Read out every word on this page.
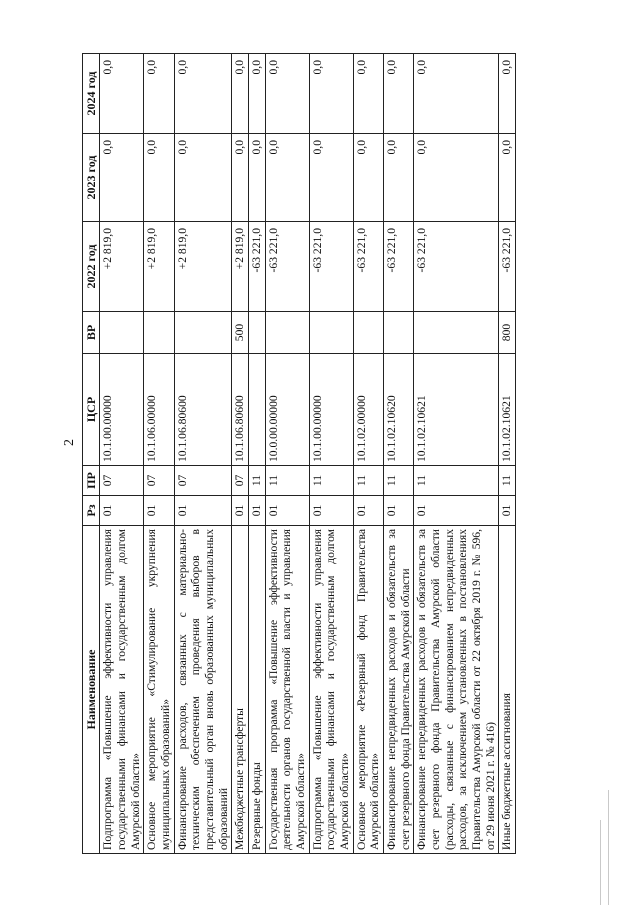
2
Наименование	Рз	ПР	ЦСР	ВР	2022 год	2023 год	2024 год
Подпрограмма «Повышение эффективности управления государственными финансами и государственным долгом Амурской области»	01	07	10.1.00.00000		+2 819,0	0,0	0,0
Основное мероприятие «Стимулирование укрупнения муниципальных образований»	01	07	10.1.06.00000		+2 819,0	0,0	0,0
Финансирование расходов, связанных с материально-техническим обеспечением проведения выборов в представительный орган вновь образованных муниципальных образований	01	07	10.1.06.80600		+2 819,0	0,0	0,0
Межбюджетные трансферты	01	07	10.1.06.80600	500	+2 819,0	0,0	0,0
Резервные фонды	01	11			-63 221,0	0,0	0,0
Государственная программа «Повышение эффективности деятельности органов государственной власти и управления Амурской области»	01	11	10.0.00.00000		-63 221,0	0,0	0,0
Подпрограмма «Повышение эффективности управления государственными финансами и государственным долгом Амурской области»	01	11	10.1.00.00000		-63 221,0	0,0	0,0
Основное мероприятие «Резервный фонд Правительства Амурской области»	01	11	10.1.02.00000		-63 221,0	0,0	0,0
Финансирование непредвиденных расходов и обязательств за счет резервного фонда Правительства Амурской области	01	11	10.1.02.10620		-63 221,0	0,0	0,0
Финансирование непредвиденных расходов и обязательств за счет резервного фонда Правительства Амурской области (расходы, связанные с финансированием непредвиденных расходов, за исключением установленных в постановлениях Правительства Амурской области от 22 октября 2019 г. № 596, от 29 июня 2021 г. № 416)	01	11	10.1.02.10621		-63 221,0	0,0	0,0
Иные бюджетные ассигнования	01	11	10.1.02.10621	800	-63 221,0	0,0	0,0
